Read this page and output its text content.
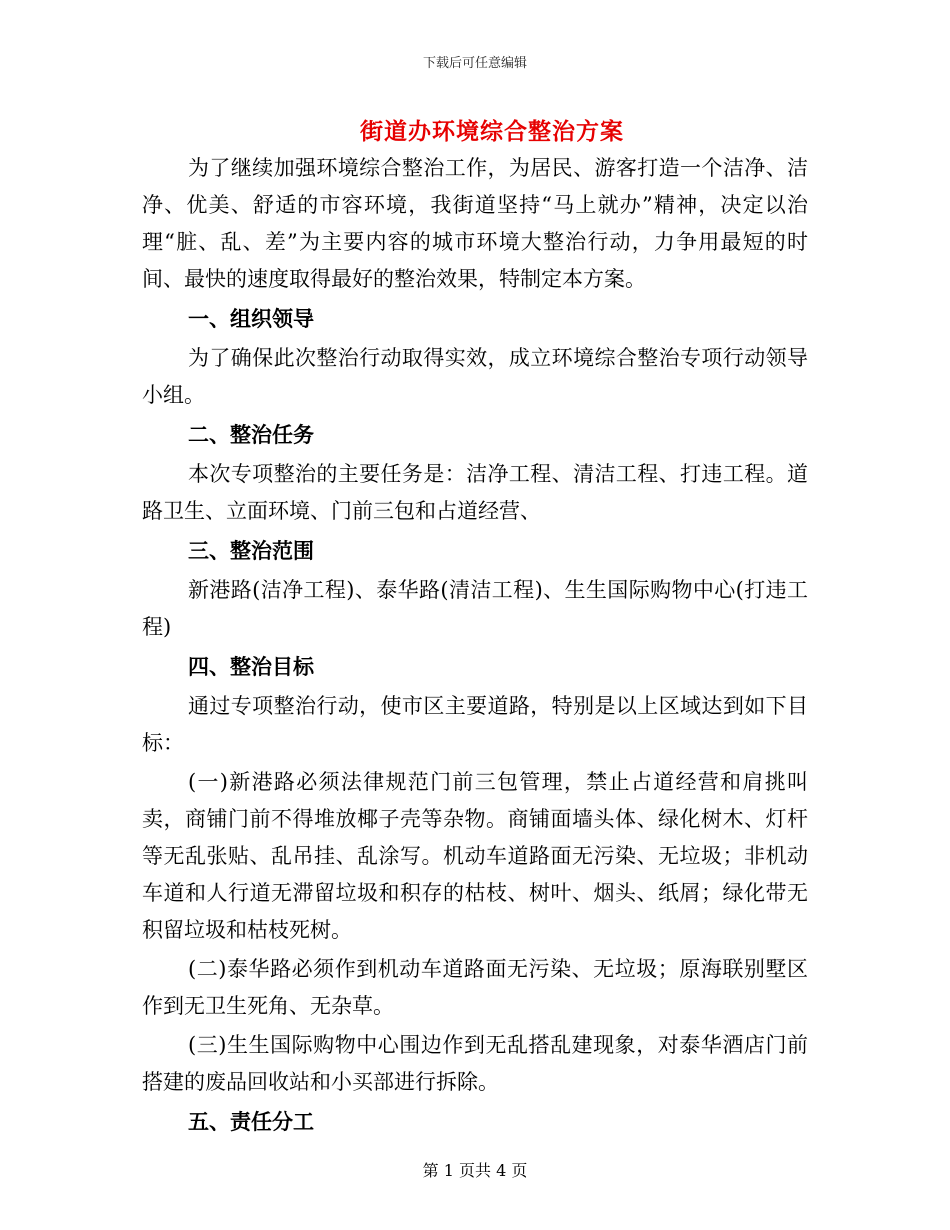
下载后可任意编辑
街道办环境综合整治方案

为了继续加强环境综合整治工作，为居民、游客打造一个洁净、洁净、优美、舒适的市容环境，我街道坚持“马上就办”精神，决定以治理“脏、乱、差”为主要内容的城市环境大整治行动，力争用最短的时间、最快的速度取得最好的整治效果，特制定本方案。

一、组织领导

为了确保此次整治行动取得实效，成立环境综合整治专项行动领导小组。

二、整治任务

本次专项整治的主要任务是：洁净工程、清洁工程、打违工程。道路卫生、立面环境、门前三包和占道经营、

三、整治范围

新港路(洁净工程)、泰华路(清洁工程)、生生国际购物中心(打违工程)

四、整治目标

通过专项整治行动，使市区主要道路，特别是以上区域达到如下目标：

(一)新港路必须法律规范门前三包管理，禁止占道经营和肩挑叫卖，商铺门前不得堆放椰子壳等杂物。商铺面墙头体、绿化树木、灯杆等无乱张贴、乱吊挂、乱涂写。机动车道路面无污染、无垃圾；非机动车道和人行道无滞留垃圾和积存的枯枝、树叶、烟头、纸屑；绿化带无积留垃圾和枯枝死树。

(二)泰华路必须作到机动车道路面无污染、无垃圾；原海联别墅区作到无卫生死角、无杂草。

(三)生生国际购物中心围边作到无乱搭乱建现象，对泰华酒店门前搭建的废品回收站和小买部进行拆除。

五、责任分工

第 1 页共 4 页
